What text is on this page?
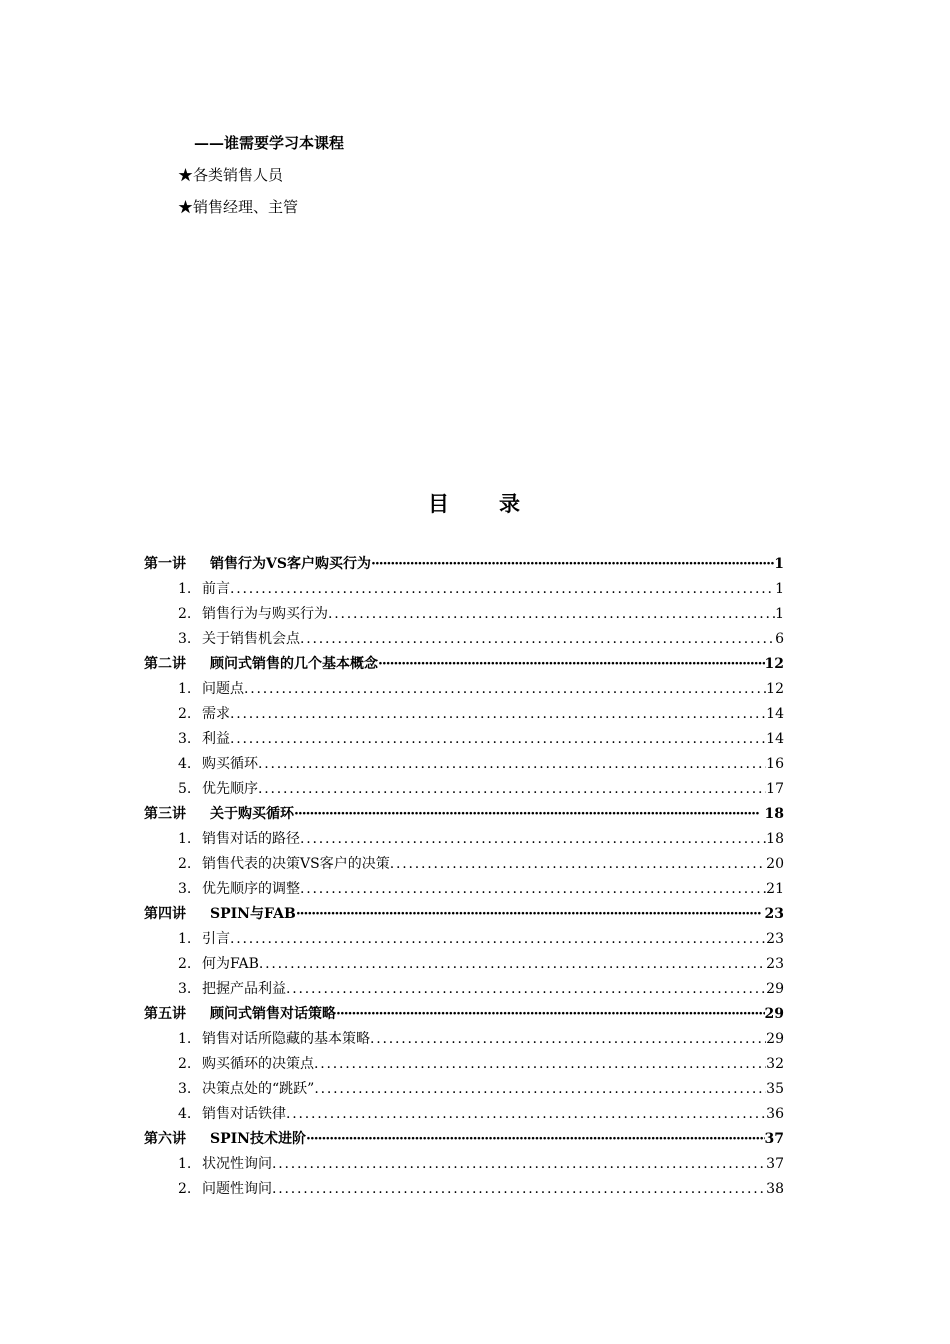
——谁需要学习本课程
★各类销售人员
★销售经理、主管
目 录
第一讲 销售行为VS客户购买行为 ·····	1
1. 前言 .....	1
2. 销售行为与购买行为 .....	1
3. 关于销售机会点 .....	6
第二讲 顾问式销售的几个基本概念 ·····	12
1. 问题点 .....	12
2. 需求 .....	14
3. 利益 .....	14
4. 购买循环 .....	16
5. 优先顺序 .....	17
第三讲 关于购买循环 ·····	18
1. 销售对话的路径 .....	18
2. 销售代表的决策VS客户的决策 .....	20
3. 优先顺序的调整 .....	21
第四讲 SPIN与FAB ·····	23
1. 引言 .....	23
2. 何为FAB .....	23
3. 把握产品利益 .....	29
第五讲 顾问式销售对话策略 ·····	29
1. 销售对话所隐藏的基本策略 .....	29
2. 购买循环的决策点 .....	32
3. 决策点处的“跳跃” .....	35
4. 销售对话铁律 .....	36
第六讲 SPIN技术进阶 ·····	37
1. 状况性询问 .....	37
2. 问题性询问 .....	38
